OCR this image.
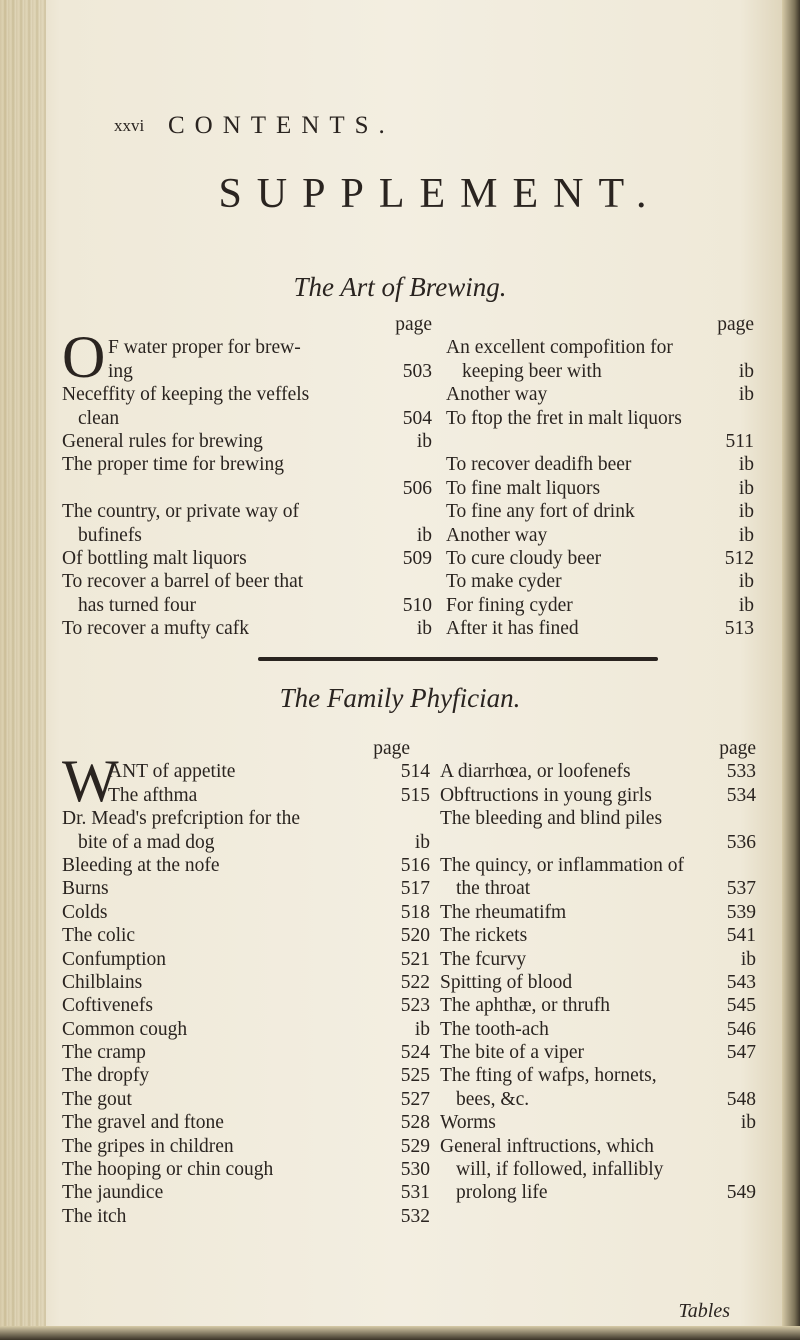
xxvi CONTENTS.
SUPPLEMENT.
The Art of Brewing.
page
O F water proper for brew-
ing	503
Neceffity of keeping the veffels
clean	504
General rules for brewing	ib
The proper time for brewing
506
The country, or private way of
bufinefs	ib
Of bottling malt liquors	509
To recover a barrel of beer that
has turned four	510
To recover a mufty cafk	ib
page
An excellent compofition for
keeping beer with	ib
Another way	ib
To ftop the fret in malt liquors
511
To recover deadifh beer	ib
To fine malt liquors	ib
To fine any fort of drink	ib
Another way	ib
To cure cloudy beer	512
To make cyder	ib
For fining cyder	ib
After it has fined	513
The Family Phyfician.
page
W
ANT of appetite	514
The afthma	515
Dr. Mead's prefcription for the
bite of a mad dog	ib
Bleeding at the nofe	516
Burns	517
Colds	518
The colic	520
Confumption	521
Chilblains	522
Coftivenefs	523
Common cough	ib
The cramp	524
The dropfy	525
The gout	527
The gravel and ftone	528
The gripes in children	529
The hooping or chin cough	530
The jaundice	531
The itch	532
page
A diarrhœa, or loofenefs	533
Obftructions in young girls	534
The bleeding and blind piles
536
The quincy, or inflammation of
the throat	537
The rheumatifm	539
The rickets	541
The fcurvy	ib
Spitting of blood	543
The aphthæ, or thrufh	545
The tooth-ach	546
The bite of a viper	547
The fting of wafps, hornets,
bees, &c.	548
Worms	ib
General inftructions, which
will, if followed, infallibly
prolong life	549
Tables
